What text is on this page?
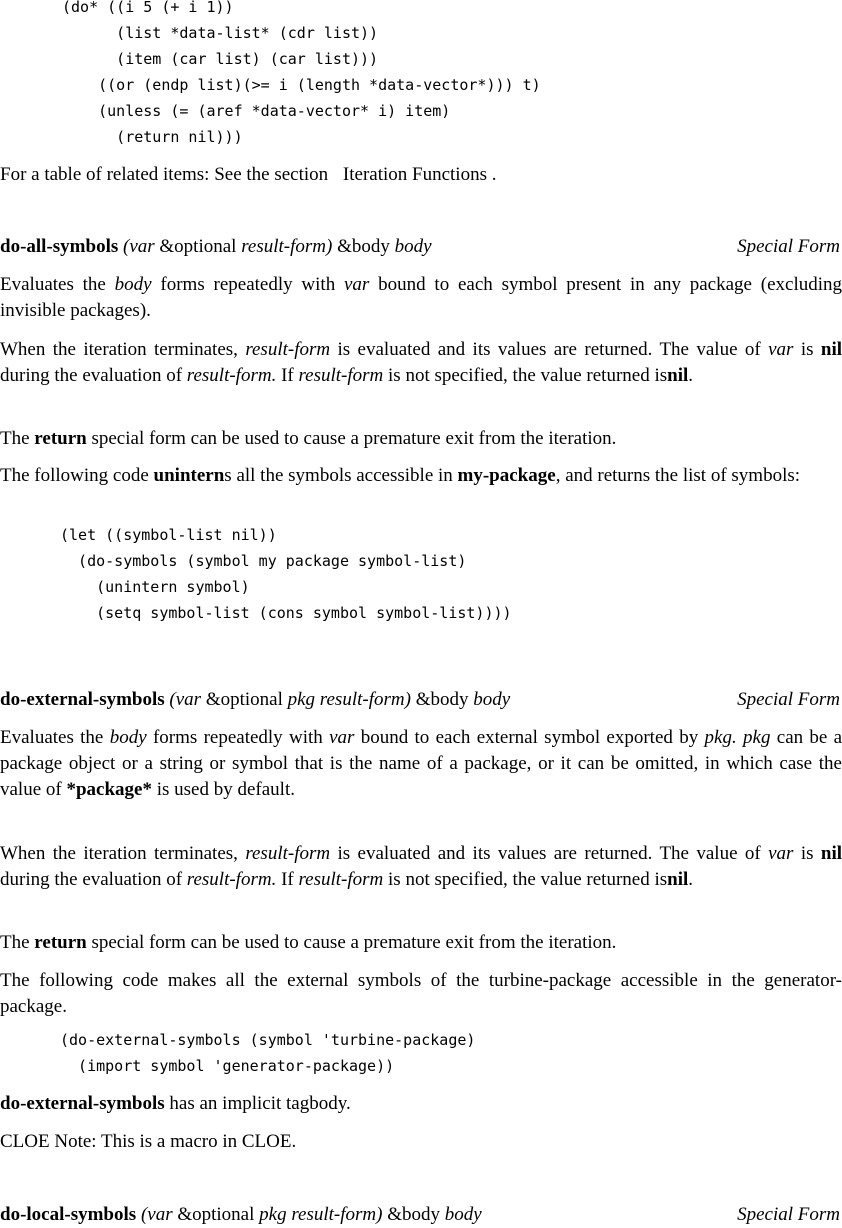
(do* ((i 5 (+ i 1))
(list *data-list* (cdr list))
(item (car list) (car list)))
((or (endp list)(>= i (length *data-vector*))) t)
(unless (= (aref *data-vector* i) item)
(return nil)))

For a table of related items: See the section Iteration Functions .

do-all-symbols (var &optional result-form) &body body	Special Form

Evaluates the body forms repeatedly with var bound to each symbol present in any package (excluding invisible packages).

When the iteration terminates, result-form is evaluated and its values are returned. The value of var is nil during the evaluation of result-form. If result-form is not specified, the value returned isnil.

The return special form can be used to cause a premature exit from the iteration.

The following code uninterns all the symbols accessible in my-package, and returns the list of symbols:

(let ((symbol-list nil))
(do-symbols (symbol my package symbol-list)
(unintern symbol)
(setq symbol-list (cons symbol symbol-list))))
do-external-symbols (var &optional pkg result-form) &body body	Special Form

Evaluates the body forms repeatedly with var bound to each external symbol exported by pkg. pkg can be a package object or a string or symbol that is the name of a package, or it can be omitted, in which case the value of *package* is used by default.

When the iteration terminates, result-form is evaluated and its values are returned. The value of var is nil during the evaluation of result-form. If result-form is not specified, the value returned isnil.

The return special form can be used to cause a premature exit from the iteration.

The following code makes all the external symbols of the turbine-package accessible in the generator-package.

(do-external-symbols (symbol 'turbine-package)
(import symbol 'generator-package))

do-external-symbols has an implicit tagbody.

CLOE Note: This is a macro in CLOE.

do-local-symbols (var &optional pkg result-form) &body body	Special Form
